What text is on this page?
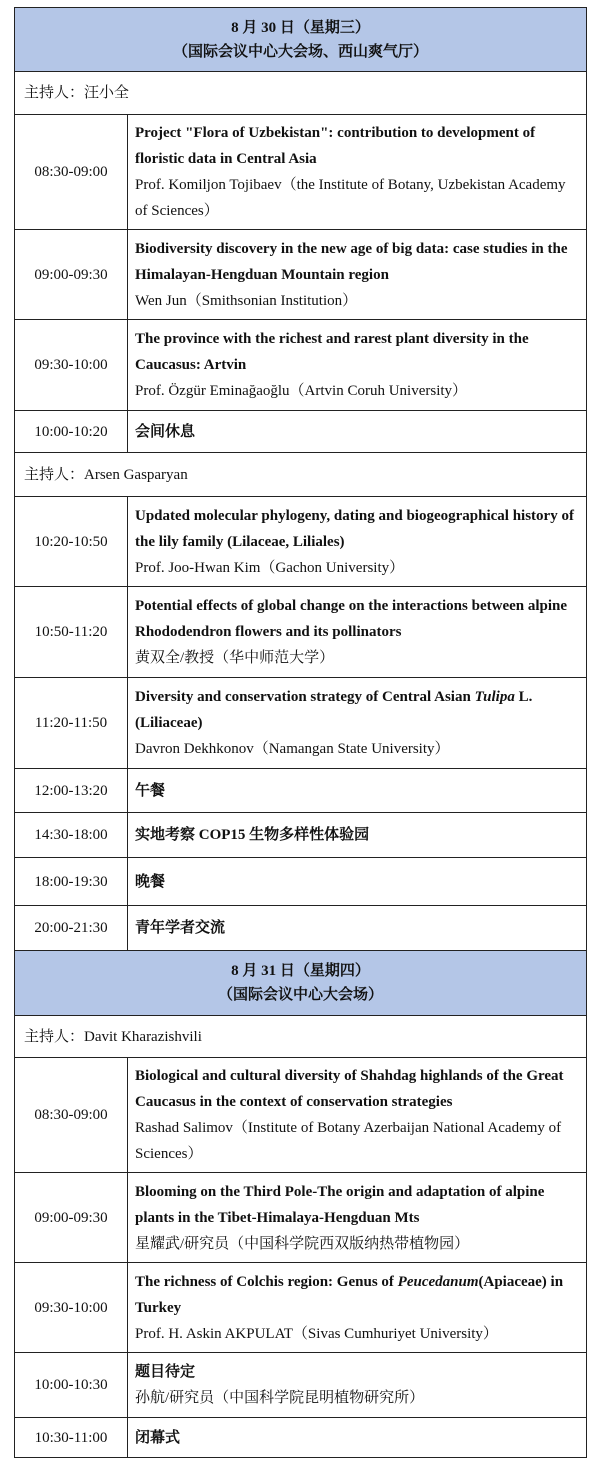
8 月 30 日（星期三）
（国际会议中心大会场、西山爽气厅）	

主持人：汪小全	
08:30-09:00	Project "Flora of Uzbekistan": contribution to development of floristic data in Central Asia
Prof. Komiljon Tojibaev（the Institute of Botany, Uzbekistan Academy of Sciences）

09:00-09:30	Biodiversity discovery in the new age of big data: case studies in the Himalayan-Hengduan Mountain region
Wen Jun（Smithsonian Institution）

09:30-10:00	The province with the richest and rarest plant diversity in the Caucasus: Artvin
Prof. Özgür Eminağaoğlu（Artvin Coruh University）

10:00-10:20	会间休息
主持人：Arsen Gasparyan	
10:20-10:50	Updated molecular phylogeny, dating and biogeographical history of the lily family (Lilaceae, Liliales)
Prof. Joo-Hwan Kim（Gachon University）

10:50-11:20	Potential effects of global change on the interactions between alpine Rhododendron flowers and its pollinators
黄双全/教授（华中师范大学）

11:20-11:50	Diversity and conservation strategy of Central Asian Tulipa L. (Liliaceae)
Davron Dekhkonov（Namangan State University）

12:00-13:20	午餐
14:30-18:00	实地考察 COP15 生物多样性体验园
18:00-19:30	晚餐
20:00-21:30	青年学者交流

8 月 31 日（星期四）
（国际会议中心大会场）	

主持人：Davit Kharazishvili	
08:30-09:00	Biological and cultural diversity of Shahdag highlands of the Great Caucasus in the context of conservation strategies
Rashad Salimov（Institute of Botany Azerbaijan National Academy of Sciences）

09:00-09:30	Blooming on the Third Pole-The origin and adaptation of alpine plants in the Tibet-Himalaya-Hengduan Mts
星耀武/研究员（中国科学院西双版纳热带植物园）

09:30-10:00	The richness of Colchis region: Genus of Peucedanum(Apiaceae) in Turkey
Prof. H. Askin AKPULAT（Sivas Cumhuriyet University）

10:00-10:30	题目待定
孙航/研究员（中国科学院昆明植物研究所）

10:30-11:00	闭幕式
